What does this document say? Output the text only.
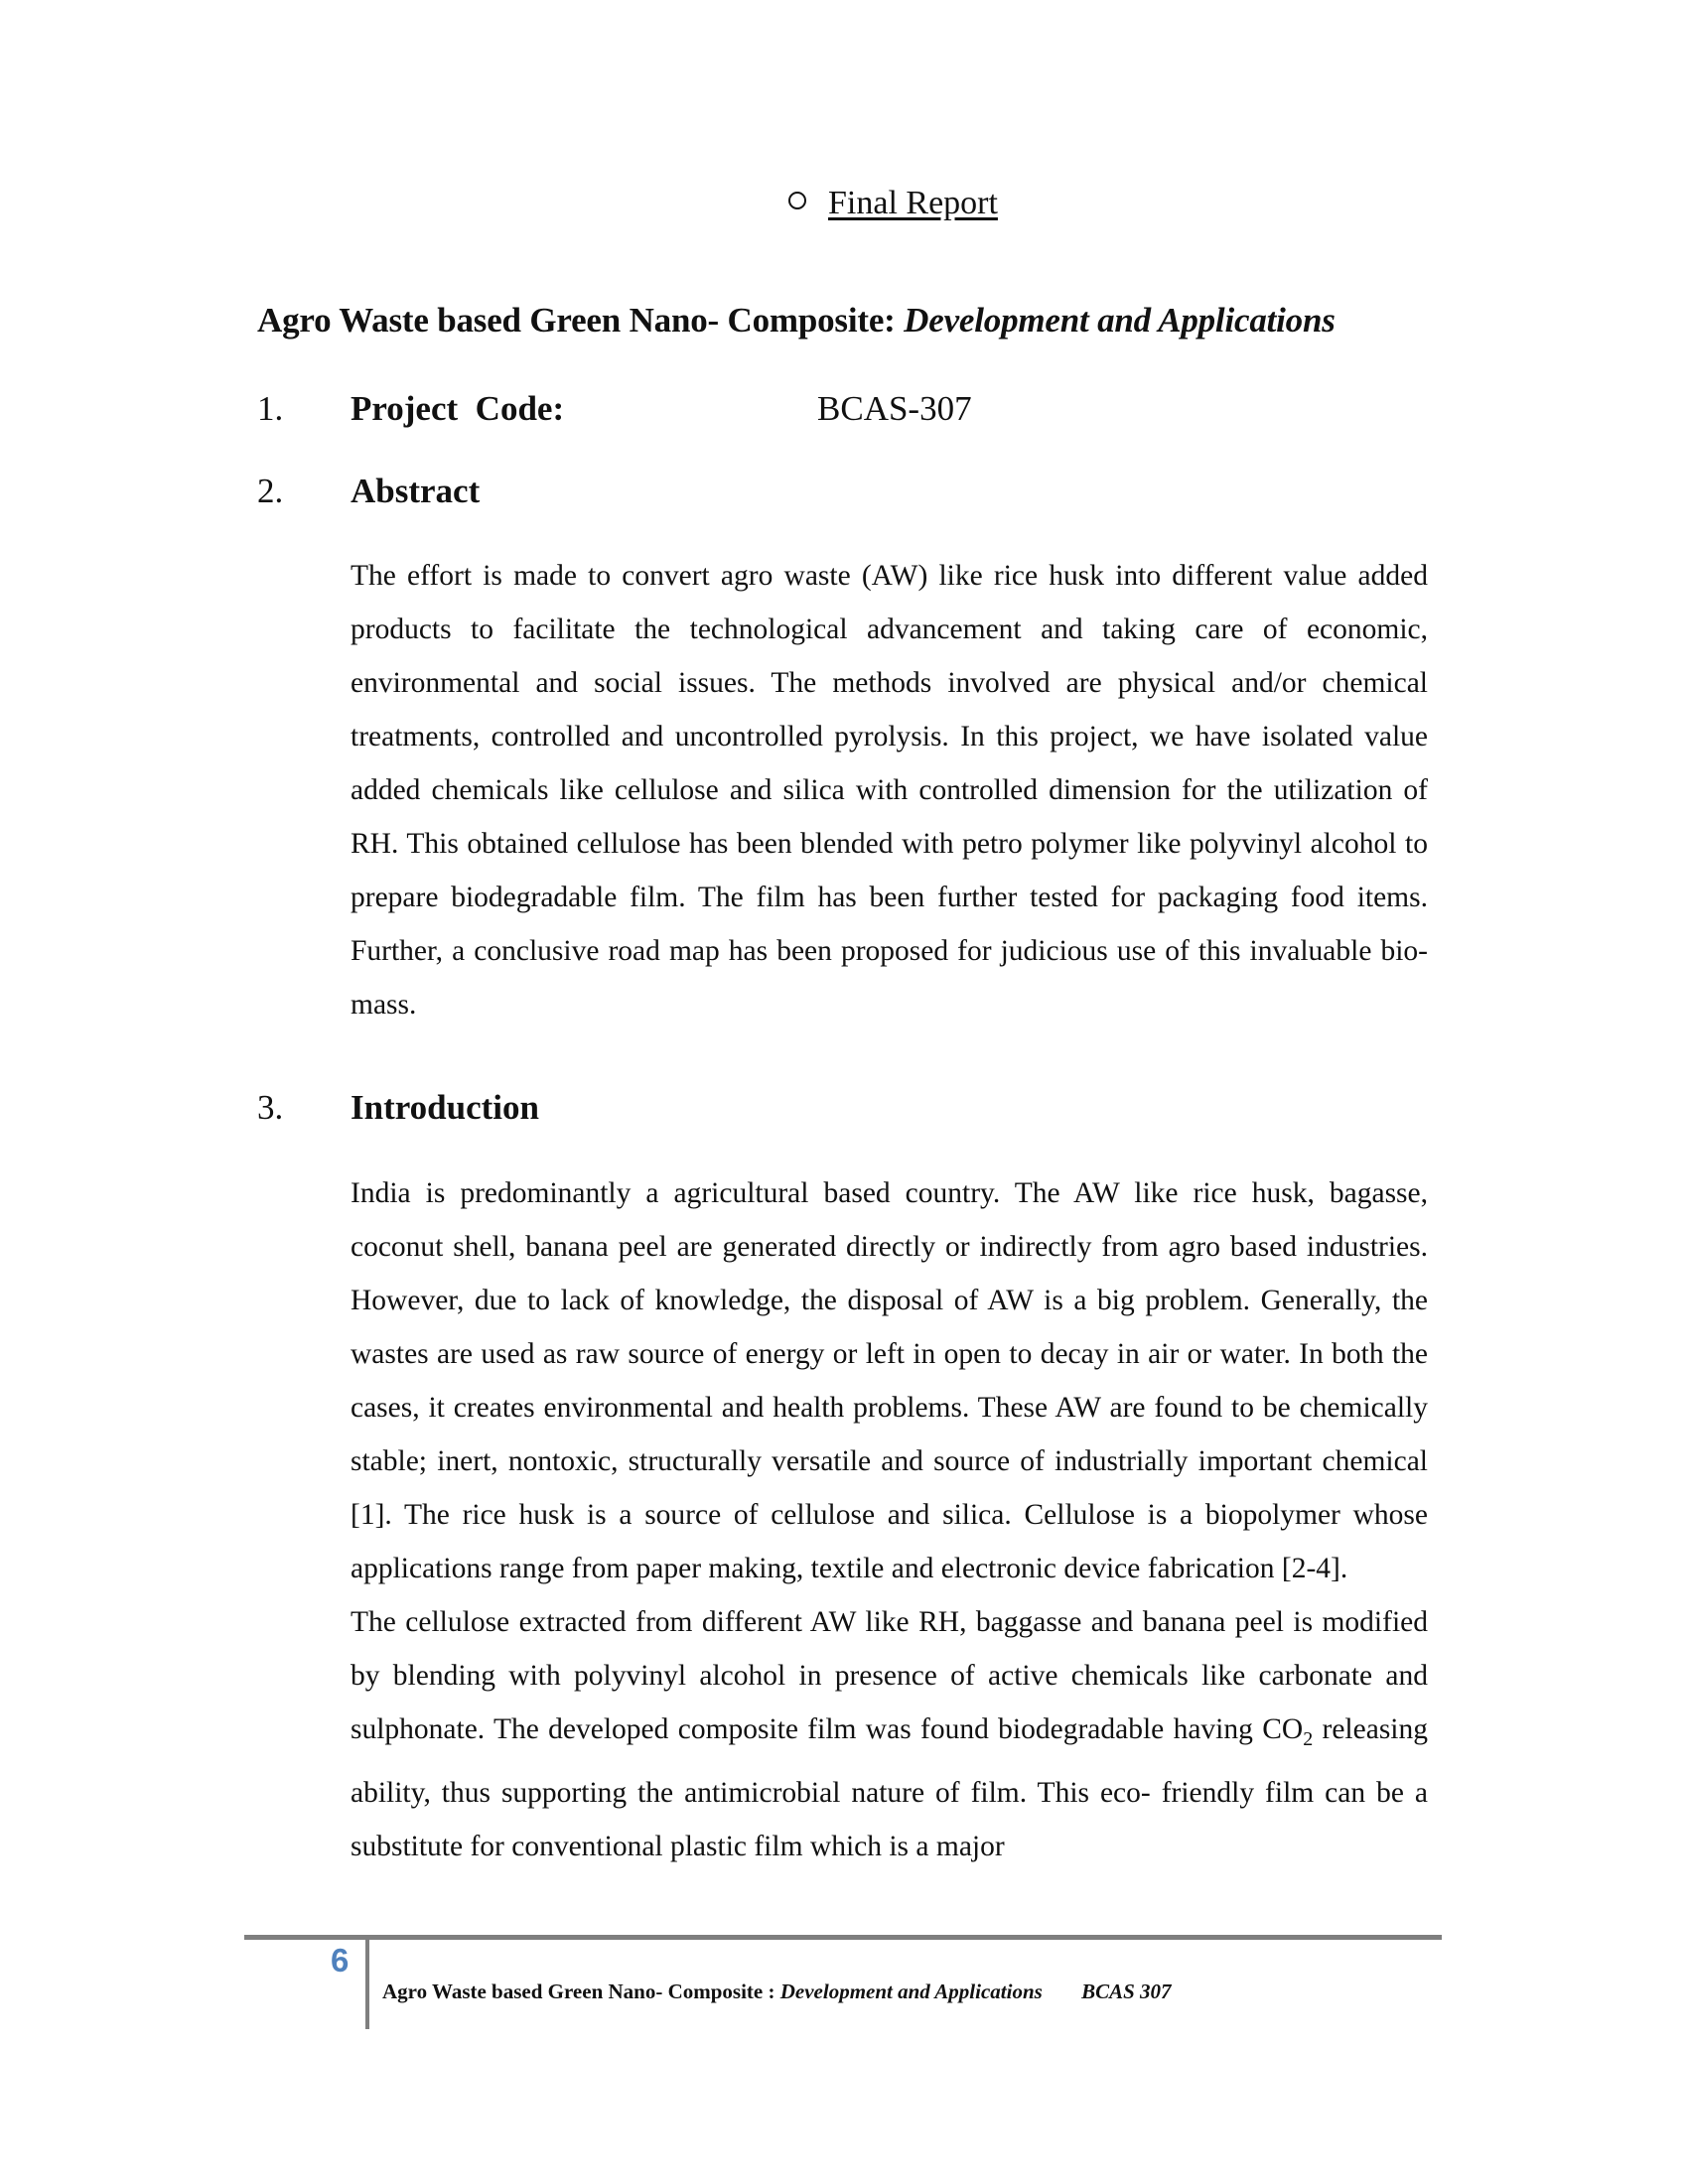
Final Report
Agro Waste based Green Nano- Composite: Development and Applications
1. Project  Code:	BCAS-307
2. Abstract

The effort is made to convert agro waste (AW) like rice husk into different value added products to facilitate the technological advancement and taking care of economic, environmental and social issues. The methods involved are physical and/or chemical treatments, controlled and uncontrolled pyrolysis. In this project, we have isolated value added chemicals like cellulose and silica with controlled dimension for the utilization of RH. This obtained cellulose has been blended with petro polymer like polyvinyl alcohol to prepare biodegradable film. The film has been further tested for packaging food items. Further, a conclusive road map has been proposed for judicious use of this invaluable bio-mass.

3. Introduction

India is predominantly a agricultural based country. The AW like rice husk, bagasse, coconut shell, banana peel are generated directly or indirectly from agro based industries. However, due to lack of knowledge, the disposal of AW is a big problem. Generally, the wastes are used as raw source of energy or left in open to decay in air or water. In both the cases, it creates environmental and health problems. These AW are found to be chemically stable; inert, nontoxic, structurally versatile and source of industrially important chemical [1]. The rice husk is a source of cellulose and silica. Cellulose is a biopolymer whose applications range from paper making, textile and electronic device fabrication [2-4].

The cellulose extracted from different AW like RH, baggasse and banana peel is modified by blending with polyvinyl alcohol in presence of active chemicals like carbonate and sulphonate. The developed composite film was found biodegradable having $CO_2$ releasing ability, thus supporting the antimicrobial nature of film. This eco- friendly film can be a substitute for conventional plastic film which is a major

6
Agro Waste based Green Nano- Composite : Development and Applications BCAS 307
